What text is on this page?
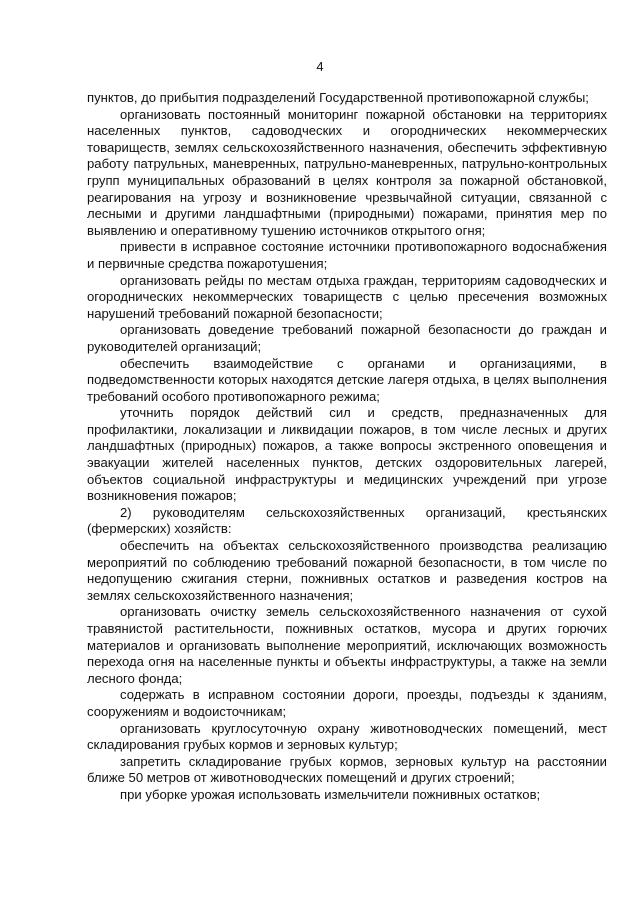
4

пунктов, до прибытия подразделений Государственной противопожарной службы;

организовать постоянный мониторинг пожарной обстановки на территориях населенных пунктов, садоводческих и огороднических некоммерческих товариществ, землях сельскохозяйственного назначения, обеспечить эффективную работу патрульных, маневренных, патрульно-маневренных, патрульно-контрольных групп муниципальных образований в целях контроля за пожарной обстановкой, реагирования на угрозу и возникновение чрезвычайной ситуации, связанной с лесными и другими ландшафтными (природными) пожарами, принятия мер по выявлению и оперативному тушению источников открытого огня;

привести в исправное состояние источники противопожарного водоснабжения и первичные средства пожаротушения;

организовать рейды по местам отдыха граждан, территориям садоводческих и огороднических некоммерческих товариществ с целью пресечения возможных нарушений требований пожарной безопасности;

организовать доведение требований пожарной безопасности до граждан и руководителей организаций;

обеспечить взаимодействие с органами и организациями, в подведомственности которых находятся детские лагеря отдыха, в целях выполнения требований особого противопожарного режима;

уточнить порядок действий сил и средств, предназначенных для профилактики, локализации и ликвидации пожаров, в том числе лесных и других ландшафтных (природных) пожаров, а также вопросы экстренного оповещения и эвакуации жителей населенных пунктов, детских оздоровительных лагерей, объектов социальной инфраструктуры и медицинских учреждений при угрозе возникновения пожаров;

2) руководителям сельскохозяйственных организаций, крестьянских (фермерских) хозяйств:

обеспечить на объектах сельскохозяйственного производства реализацию мероприятий по соблюдению требований пожарной безопасности, в том числе по недопущению сжигания стерни, пожнивных остатков и разведения костров на землях сельскохозяйственного назначения;

организовать очистку земель сельскохозяйственного назначения от сухой травянистой растительности, пожнивных остатков, мусора и других горючих материалов и организовать выполнение мероприятий, исключающих возможность перехода огня на населенные пункты и объекты инфраструктуры, а также на земли лесного фонда;

содержать в исправном состоянии дороги, проезды, подъезды к зданиям, сооружениям и водоисточникам;

организовать круглосуточную охрану животноводческих помещений, мест складирования грубых кормов и зерновых культур;

запретить складирование грубых кормов, зерновых культур на расстоянии ближе 50 метров от животноводческих помещений и других строений;

при уборке урожая использовать измельчители пожнивных остатков;
